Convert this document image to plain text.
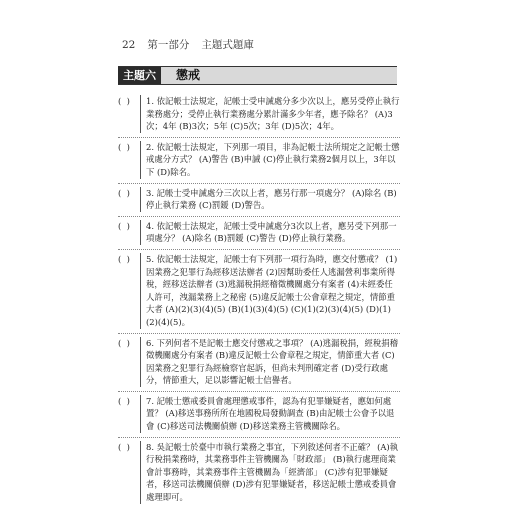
22 第一部分 主題式題庫
主題六	懲戒
(  )	1. 依記帳士法規定，記帳士受申誡處分多少次以上，應另受停止執行業務處分；受停止執行業務處分累計滿多少年者，應予除名？ (A)3次；4年 (B)3次；5年 (C)5次；3年 (D)5次；4年。
(  )	2. 依記帳士法規定，下列那一項目，非為記帳士法所規定之記帳士懲戒處分方式？ (A)警告 (B)申誡 (C)停止執行業務2個月以上，3年以下 (D)除名。
(  )	3. 記帳士受申誡處分三次以上者，應另行那一項處分？ (A)除名 (B)停止執行業務 (C)罰鍰 (D)警告。
(  )	4. 依記帳士法規定，記帳士受申誡處分3次以上者，應另受下列那一項處分？ (A)除名 (B)罰鍰 (C)警告 (D)停止執行業務。
(  )	5. 依記帳士法規定，記帳士有下列那一項行為時，應交付懲戒？ (1)因業務之犯罪行為經移送法辦者 (2)因幫助委任人逃漏營利事業所得稅，經移送法辦者 (3)逃漏稅捐經稽徵機關處分有案者 (4)未經委任人許可，洩漏業務上之秘密 (5)違反記帳士公會章程之規定，情節重大者 (A)(2)(3)(4)(5) (B)(1)(3)(4)(5) (C)(1)(2)(3)(4)(5) (D)(1)(2)(4)(5)。
(  )	6. 下列何者不是記帳士應交付懲戒之事項？ (A)逃漏稅捐，經稅捐稽徵機關處分有案者 (B)違反記帳士公會章程之規定，情節重大者 (C)因業務之犯罪行為經檢察官起訴，但尚未判刑確定者 (D)受行政處分，情節重大，足以影響記帳士信譽者。
(  )	7. 記帳士懲戒委員會處理懲戒事件，認為有犯罪嫌疑者，應如何處置？ (A)移送事務所所在地國稅局發動調查 (B)由記帳士公會予以退會 (C)移送司法機關偵辦 (D)移送業務主管機關除名。
(  )	8. 吳記帳士於臺中市執行業務之事宜，下列敘述何者不正確？ (A)執行稅捐業務時，其業務事件主管機關為「財政部」 (B)執行處理商業會計事務時，其業務事件主管機關為「經濟部」 (C)涉有犯罪嫌疑者，移送司法機關偵辦 (D)涉有犯罪嫌疑者，移送記帳士懲戒委員會處理即可。
